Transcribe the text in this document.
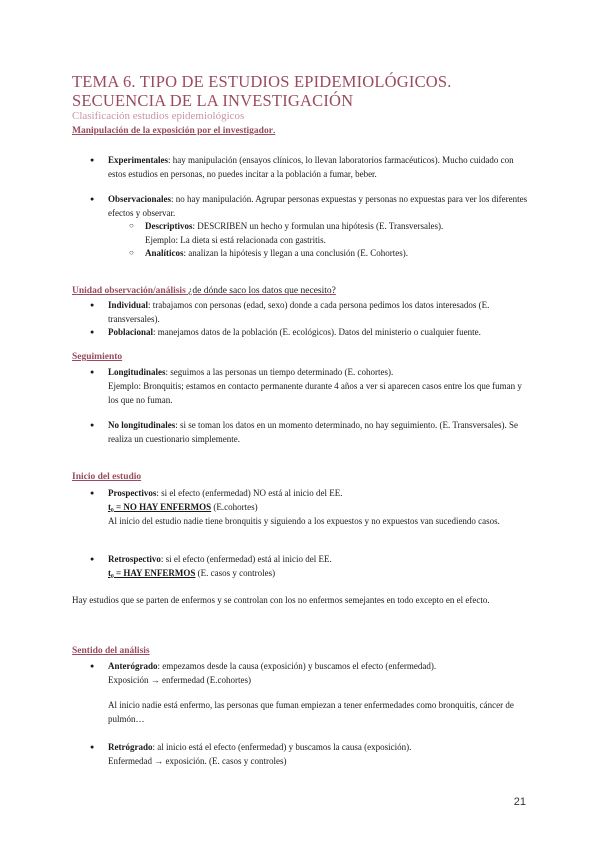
TEMA 6. TIPO DE ESTUDIOS EPIDEMIOLÓGICOS. SECUENCIA DE LA INVESTIGACIÓN
Clasificación estudios epidemiológicos
Manipulación de la exposición por el investigador.
● Experimentales: hay manipulación (ensayos clínicos, lo llevan laboratorios farmacéuticos). Mucho cuidado con estos estudios en personas, no puedes incitar a la población a fumar, beber.
● Observacionales: no hay manipulación. Agrupar personas expuestas y personas no expuestas para ver los diferentes efectos y observar.
○ Descriptivos: DESCRIBEN un hecho y formulan una hipótesis (E. Transversales).
Ejemplo: La dieta si está relacionada con gastritis.
○ Analíticos: analizan la hipótesis y llegan a una conclusión (E. Cohortes).
Unidad observación/análisis ¿de dónde saco los datos que necesito?
● Individual: trabajamos con personas (edad, sexo) donde a cada persona pedimos los datos interesados (E. transversales).
● Poblacional: manejamos datos de la población (E. ecológicos). Datos del ministerio o cualquier fuente.
Seguimiento
● Longitudinales: seguimos a las personas un tiempo determinado (E. cohortes).
Ejemplo: Bronquitis; estamos en contacto permanente durante 4 años a ver si aparecen casos entre los que fuman y los que no fuman.
● No longitudinales: si se toman los datos en un momento determinado, no hay seguimiento. (E. Transversales). Se realiza un cuestionario simplemente.
Inicio del estudio
● Prospectivos: si el efecto (enfermedad) NO está al inicio del EE.
t₀ = NO HAY ENFERMOS (E.cohortes)
Al inicio del estudio nadie tiene bronquitis y siguiendo a los expuestos y no expuestos van sucediendo casos.
● Retrospectivo: si el efecto (enfermedad) está al inicio del EE.
t₀ = HAY ENFERMOS (E. casos y controles)
Hay estudios que se parten de enfermos y se controlan con los no enfermos semejantes en todo excepto en el efecto.
Sentido del análisis
● Anterógrado: empezamos desde la causa (exposición) y buscamos el efecto (enfermedad).
Exposición → enfermedad (E.cohortes)
Al inicio nadie está enfermo, las personas que fuman empiezan a tener enfermedades como bronquitis, cáncer de pulmón…
● Retrógrado: al inicio está el efecto (enfermedad) y buscamos la causa (exposición).
Enfermedad → exposición. (E. casos y controles)
21
